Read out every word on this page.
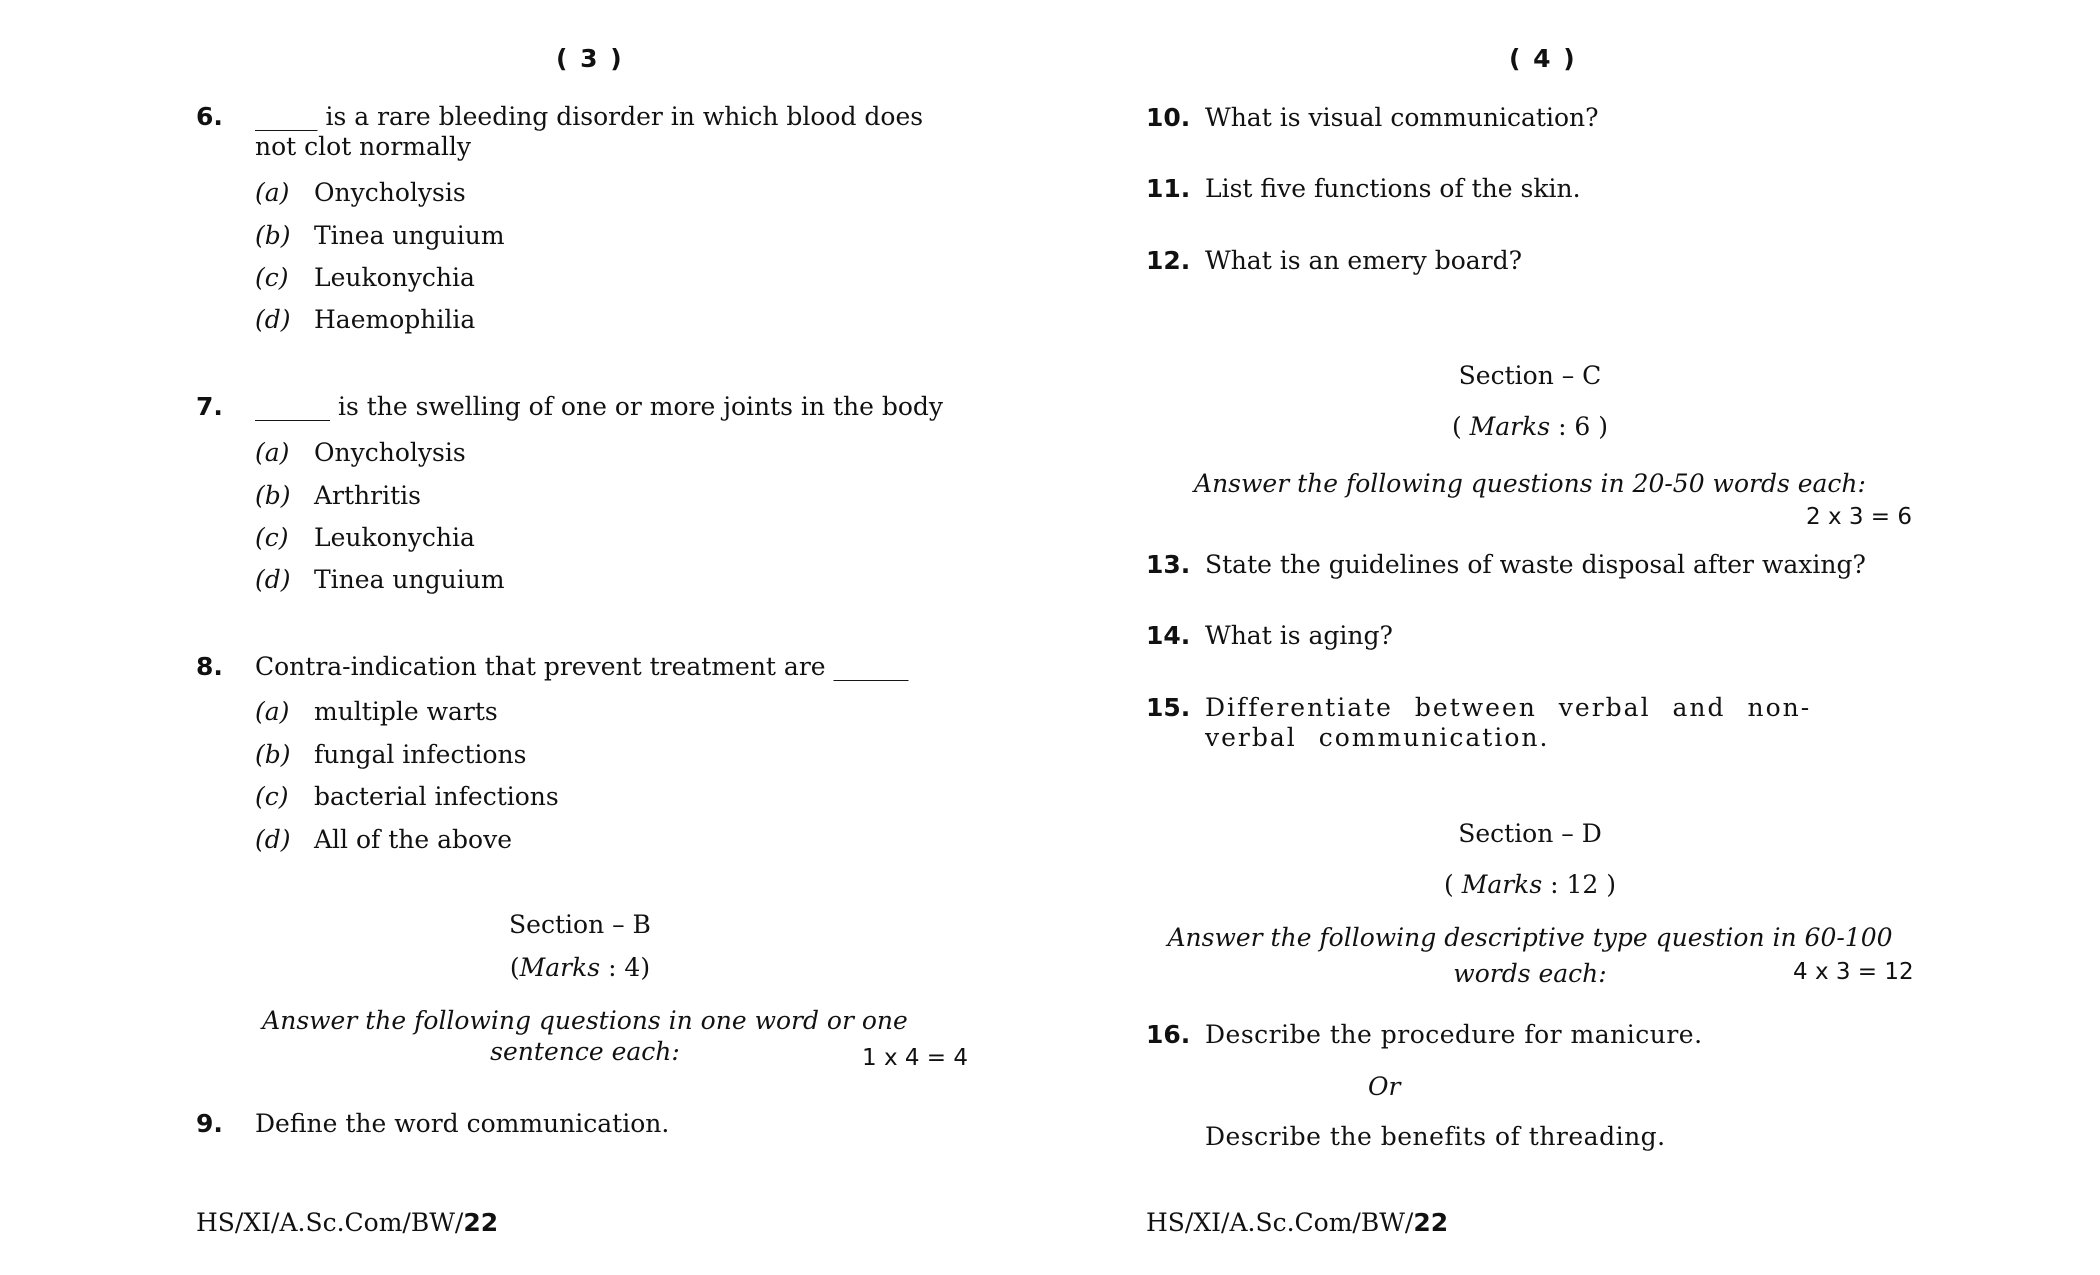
( 3 )
6. _____ is a rare bleeding disorder in which blood does not clot normally
(a) Onycholysis
(b) Tinea unguium
(c) Leukonychia
(d) Haemophilia
7. ______ is the swelling of one or more joints in the body
(a) Onycholysis
(b) Arthritis
(c) Leukonychia
(d) Tinea unguium
8. Contra-indication that prevent treatment are ______
(a) multiple warts
(b) fungal infections
(c) bacterial infections
(d) All of the above
Section – B
(Marks : 4)
Answer the following questions in one word or one sentence each:	1 x 4 = 4
9. Define the word communication.
HS/XI/A.Sc.Com/BW/22
( 4 )
10. What is visual communication?
11. List five functions of the skin.
12. What is an emery board?
Section – C
( Marks : 6 )
Answer the following questions in 20-50 words each:
2 x 3 = 6
13. State the guidelines of waste disposal after waxing?
14. What is aging?
15. Differentiate between verbal and non-verbal communication.
Section – D
( Marks : 12 )
Answer the following descriptive type question in 60-100
words each:	4 x 3 = 12
16. Describe the procedure for manicure.
Or
Describe the benefits of threading.
HS/XI/A.Sc.Com/BW/22
